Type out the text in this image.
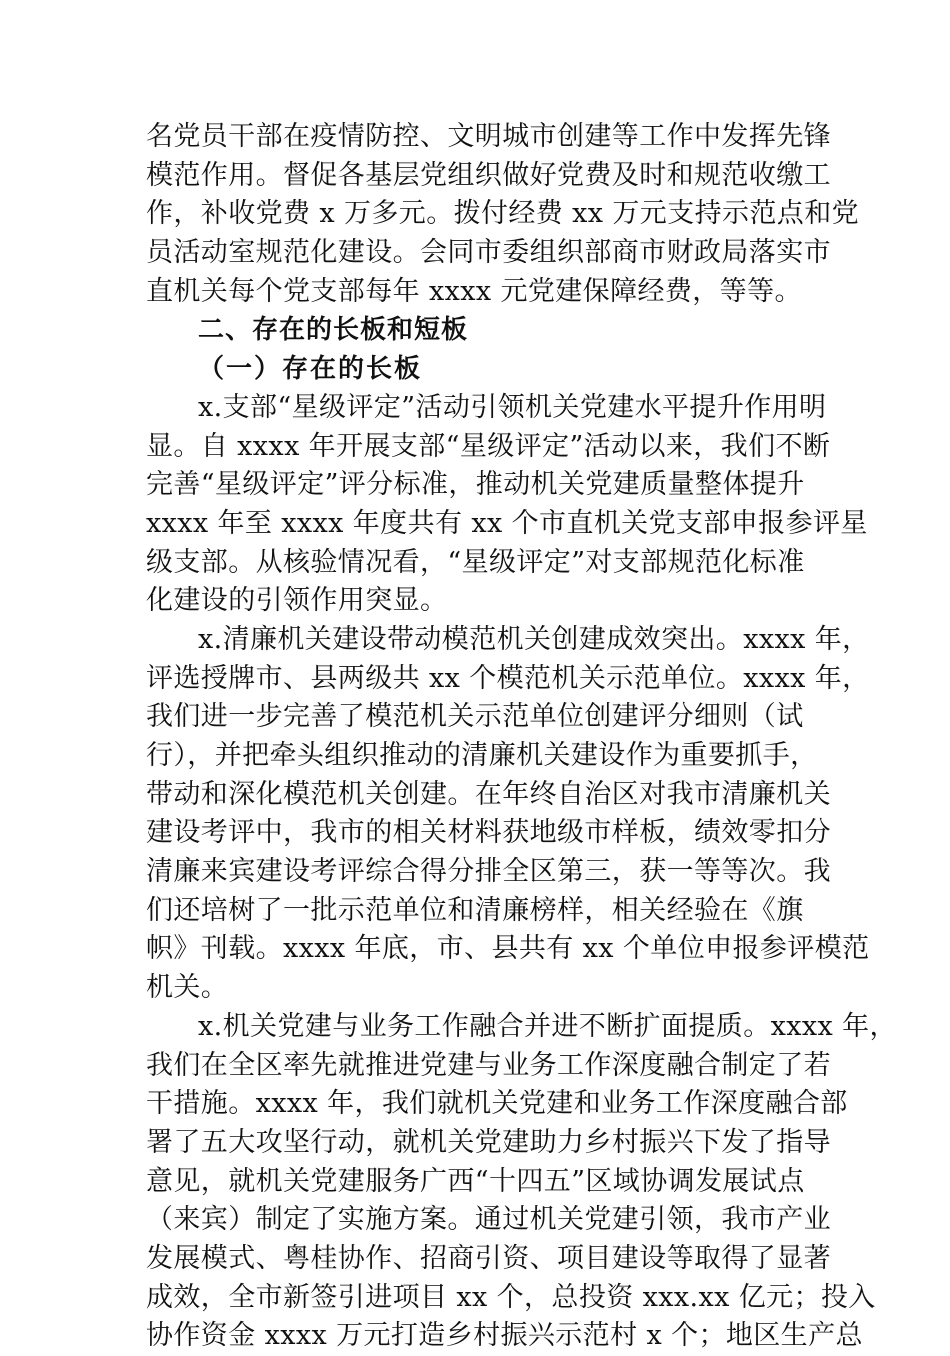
名党员干部在疫情防控、文明城市创建等工作中发挥先锋
模范作用。督促各基层党组织做好党费及时和规范收缴工
作，补收党费 x 万多元。拨付经费 xx 万元支持示范点和党
员活动室规范化建设。会同市委组织部商市财政局落实市
直机关每个党支部每年 xxxx 元党建保障经费，等等。
二、存在的长板和短板
（一）存在的长板
x.支部“星级评定”活动引领机关党建水平提升作用明
显。自 xxxx 年开展支部“星级评定”活动以来，我们不断
完善“星级评定”评分标准，推动机关党建质量整体提升
xxxx 年至 xxxx 年度共有 xx 个市直机关党支部申报参评星
级支部。从核验情况看，“星级评定”对支部规范化标准
化建设的引领作用突显。
x.清廉机关建设带动模范机关创建成效突出。xxxx 年，
评选授牌市、县两级共 xx 个模范机关示范单位。xxxx 年，
我们进一步完善了模范机关示范单位创建评分细则（试
行），并把牵头组织推动的清廉机关建设作为重要抓手，
带动和深化模范机关创建。在年终自治区对我市清廉机关
建设考评中，我市的相关材料获地级市样板，绩效零扣分
清廉来宾建设考评综合得分排全区第三，获一等等次。我
们还培树了一批示范单位和清廉榜样，相关经验在《旗
帜》刊载。xxxx 年底，市、县共有 xx 个单位申报参评模范
机关。
x.机关党建与业务工作融合并进不断扩面提质。xxxx 年，
我们在全区率先就推进党建与业务工作深度融合制定了若
干措施。xxxx 年，我们就机关党建和业务工作深度融合部
署了五大攻坚行动，就机关党建助力乡村振兴下发了指导
意见，就机关党建服务广西“十四五”区域协调发展试点
（来宾）制定了实施方案。通过机关党建引领，我市产业
发展模式、粤桂协作、招商引资、项目建设等取得了显著
成效，全市新签引进项目 xx 个，总投资 xxx.xx 亿元；投入
协作资金 xxxx 万元打造乡村振兴示范村 x 个；地区生产总
